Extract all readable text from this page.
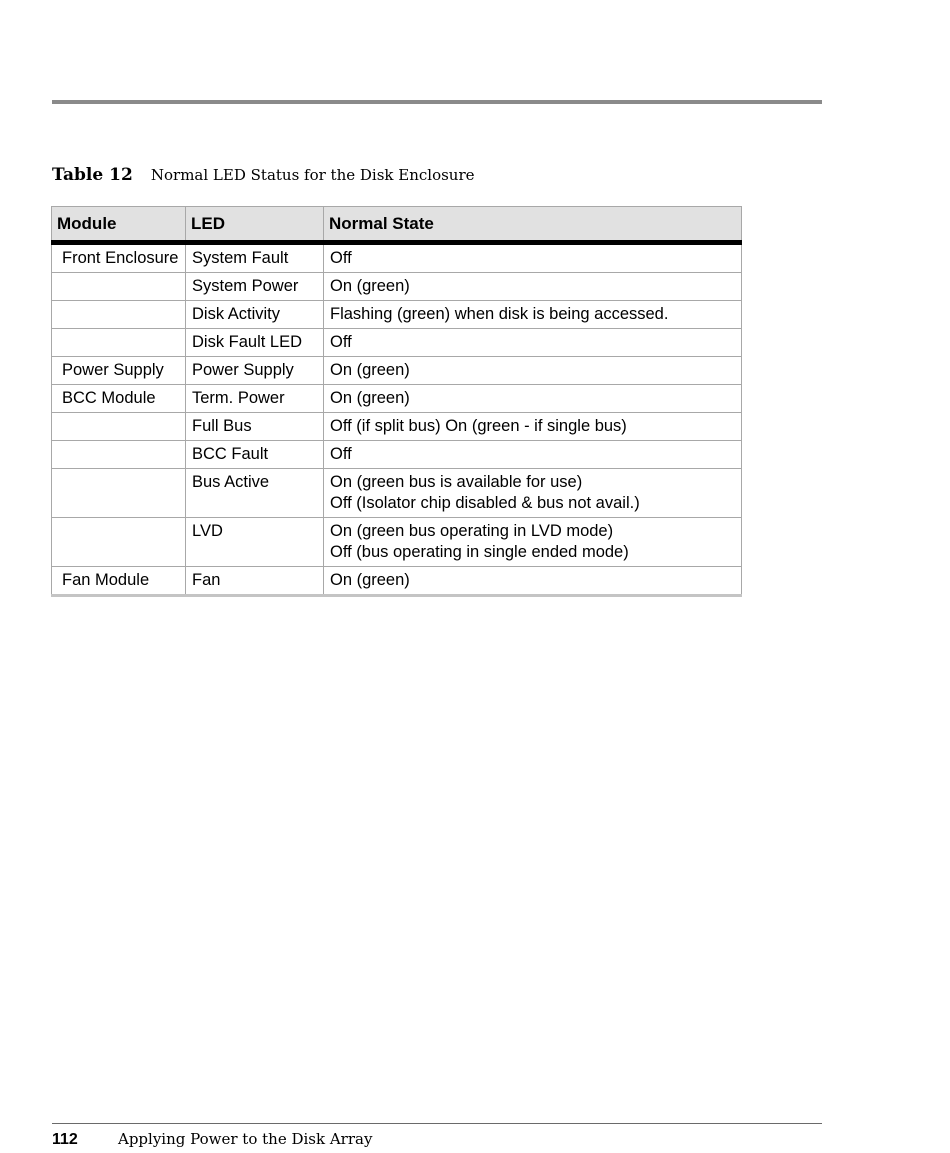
Table 12 Normal LED Status for the Disk Enclosure
Module	LED	Normal State
Front Enclosure	System Fault	Off

	System Power	On (green)

	Disk Activity	Flashing (green) when disk is being accessed.

	Disk Fault LED	Off

Power Supply	Power Supply	On (green)

BCC Module	Term. Power	On (green)

	Full Bus	Off (if split bus) On (green - if single bus)

	BCC Fault	Off

	Bus Active	On (green bus is available for use)
Off (Isolator chip disabled & bus not avail.)

	LVD	On (green bus operating in LVD mode)
Off (bus operating in single ended mode)

Fan Module	Fan	On (green)
112	Applying Power to the Disk Array
